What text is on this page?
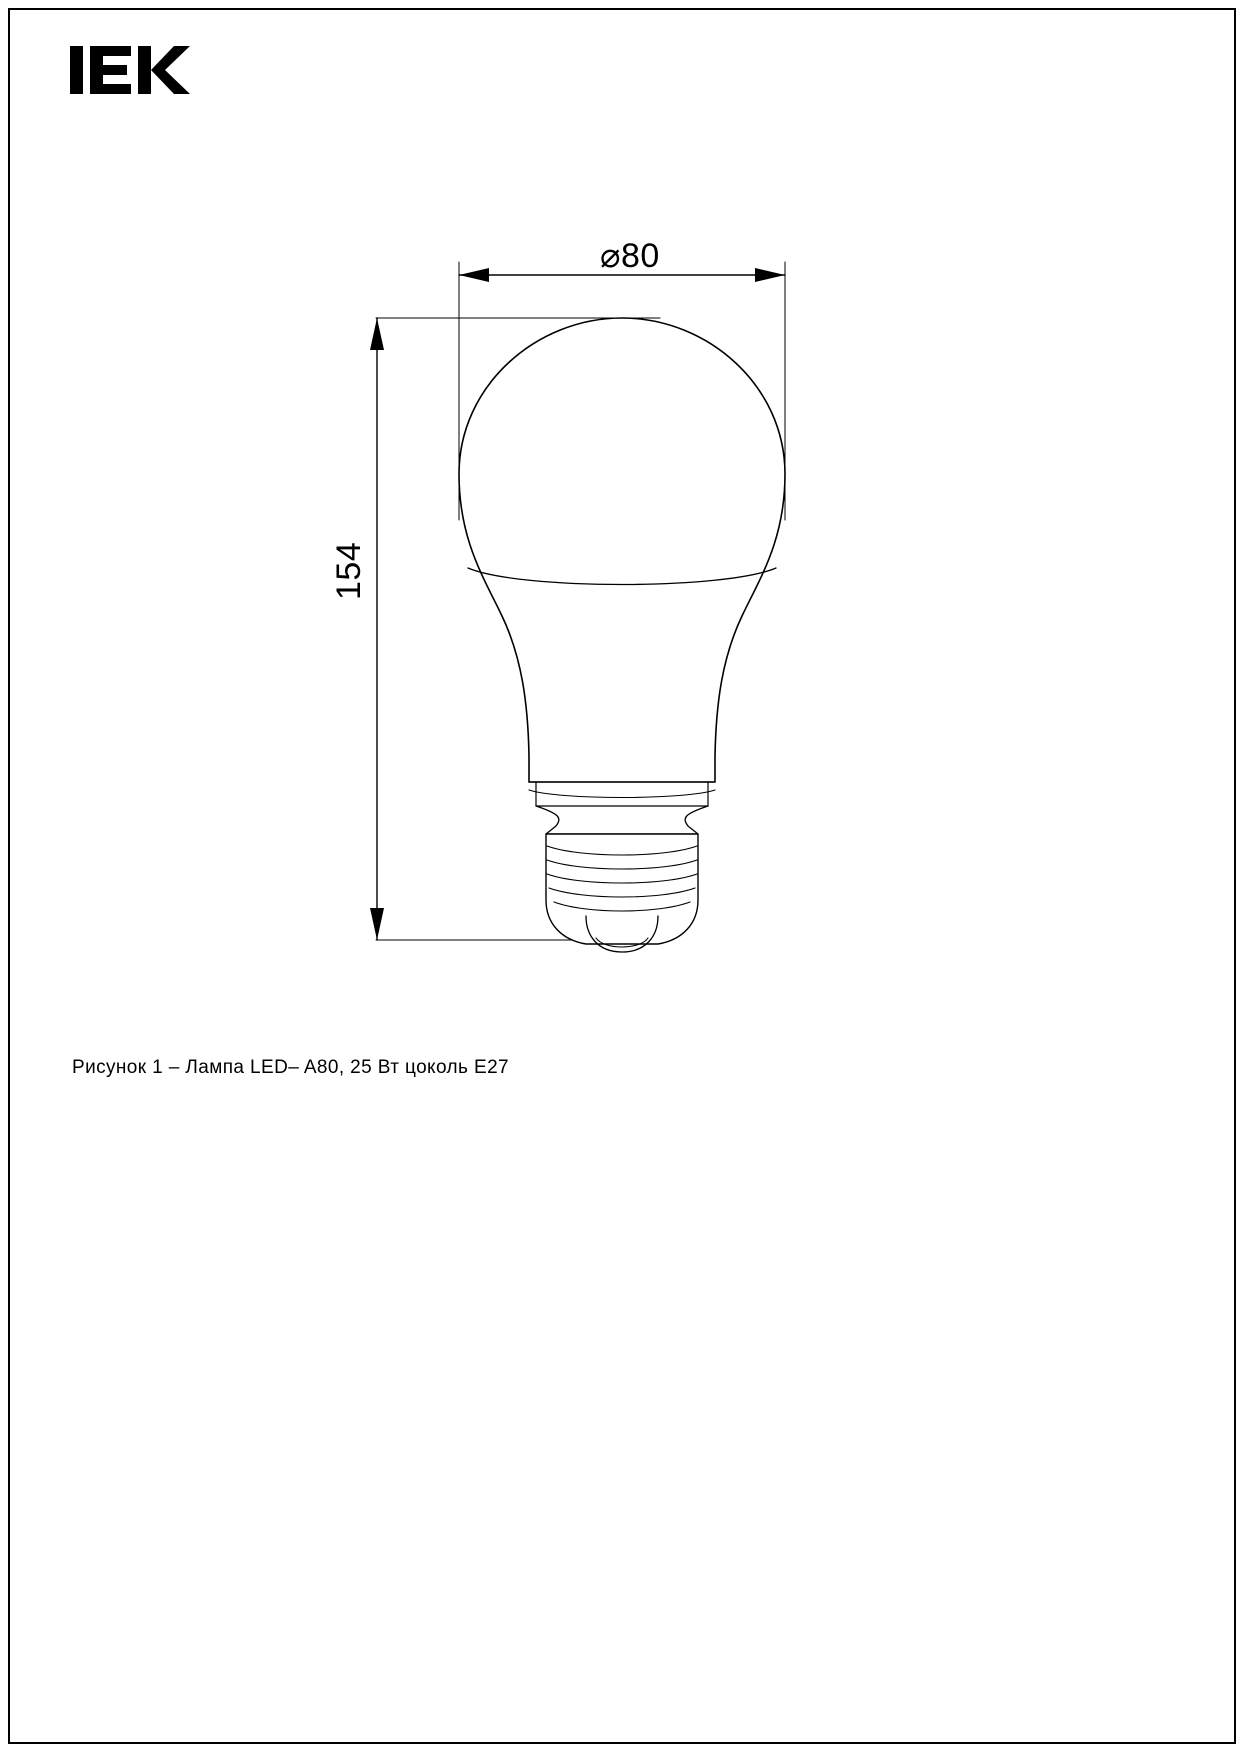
⌀80
154
Рисунок 1 – Лампа LED– A80, 25 Вт цоколь E27
